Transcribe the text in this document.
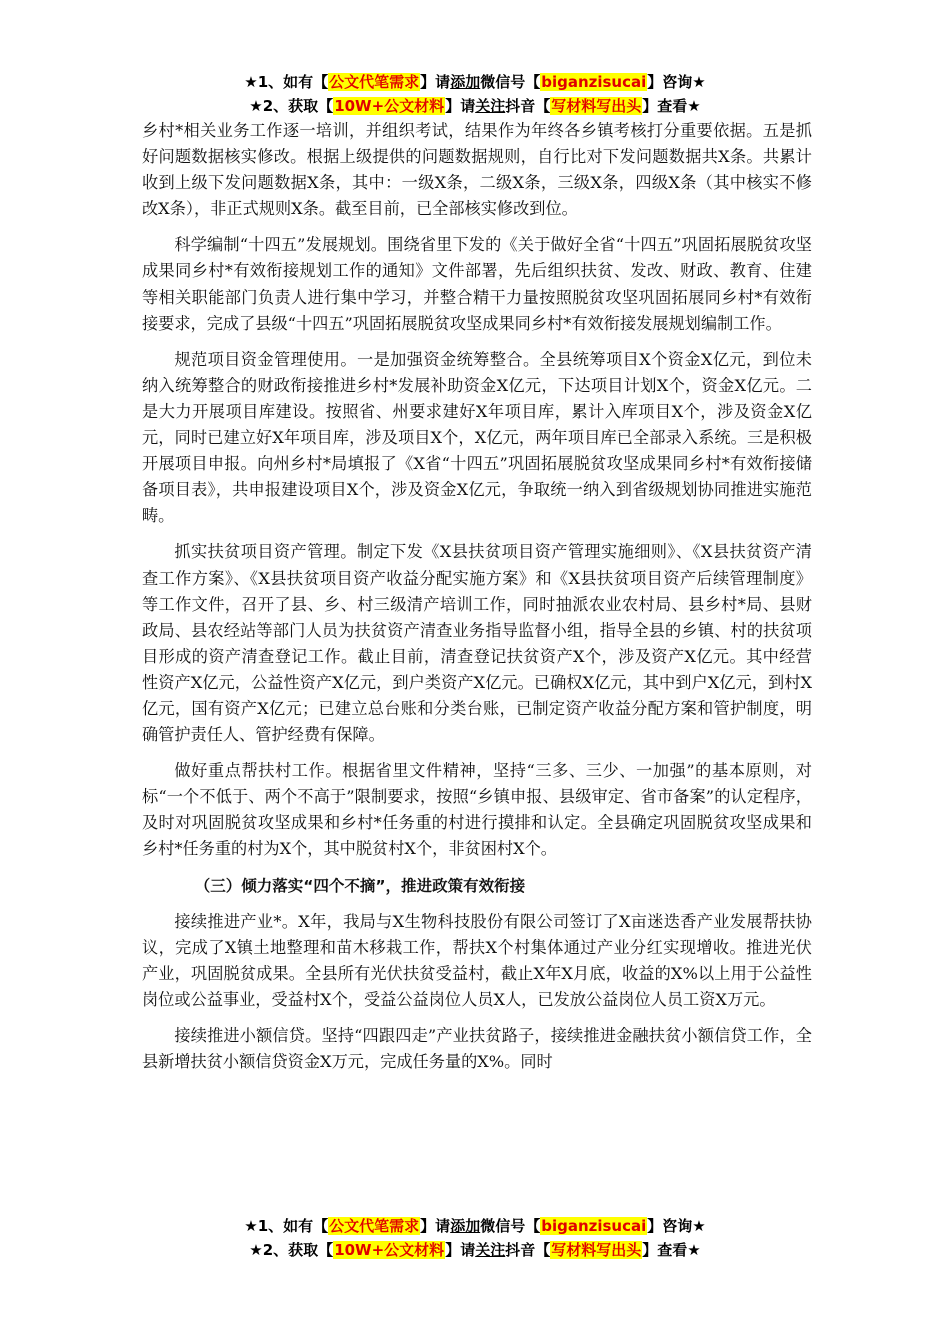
★1、如有【公文代笔需求】请添加微信号【biganzisucai】咨询★
★2、获取【10W+公文材料】请关注抖音【写材料写出头】查看★

乡村*相关业务工作逐一培训，并组织考试，结果作为年终各乡镇考核打分重要依据。五是抓好问题数据核实修改。根据上级提供的问题数据规则，自行比对下发问题数据共X条。共累计收到上级下发问题数据X条，其中：一级X条，二级X条，三级X条，四级X条（其中核实不修改X条），非正式规则X条。截至目前，已全部核实修改到位。

科学编制“十四五”发展规划。围绕省里下发的《关于做好全省“十四五”巩固拓展脱贫攻坚成果同乡村*有效衔接规划工作的通知》文件部署，先后组织扶贫、发改、财政、教育、住建等相关职能部门负责人进行集中学习，并整合精干力量按照脱贫攻坚巩固拓展同乡村*有效衔接要求，完成了县级“十四五”巩固拓展脱贫攻坚成果同乡村*有效衔接发展规划编制工作。

规范项目资金管理使用。一是加强资金统筹整合。全县统筹项目X个资金X亿元，到位未纳入统筹整合的财政衔接推进乡村*发展补助资金X亿元，下达项目计划X个，资金X亿元。二是大力开展项目库建设。按照省、州要求建好X年项目库，累计入库项目X个，涉及资金X亿元，同时已建立好X年项目库，涉及项目X个，X亿元，两年项目库已全部录入系统。三是积极开展项目申报。向州乡村*局填报了《X省“十四五”巩固拓展脱贫攻坚成果同乡村*有效衔接储备项目表》，共申报建设项目X个，涉及资金X亿元，争取统一纳入到省级规划协同推进实施范畴。

抓实扶贫项目资产管理。制定下发《X县扶贫项目资产管理实施细则》、《X县扶贫资产清查工作方案》、《X县扶贫项目资产收益分配实施方案》和《X县扶贫项目资产后续管理制度》等工作文件，召开了县、乡、村三级清产培训工作，同时抽派农业农村局、县乡村*局、县财政局、县农经站等部门人员为扶贫资产清查业务指导监督小组，指导全县的乡镇、村的扶贫项目形成的资产清查登记工作。截止目前，清查登记扶贫资产X个，涉及资产X亿元。其中经营性资产X亿元，公益性资产X亿元，到户类资产X亿元。已确权X亿元，其中到户X亿元，到村X亿元，国有资产X亿元；已建立总台账和分类台账，已制定资产收益分配方案和管护制度，明确管护责任人、管护经费有保障。

做好重点帮扶村工作。根据省里文件精神，坚持“三多、三少、一加强”的基本原则，对标“一个不低于、两个不高于”限制要求，按照“乡镇申报、县级审定、省市备案”的认定程序，及时对巩固脱贫攻坚成果和乡村*任务重的村进行摸排和认定。全县确定巩固脱贫攻坚成果和乡村*任务重的村为X个，其中脱贫村X个，非贫困村X个。

（三）倾力落实“四个不摘”，推进政策有效衔接

接续推进产业*。X年，我局与X生物科技股份有限公司签订了X亩迷迭香产业发展帮扶协议，完成了X镇土地整理和苗木移栽工作，帮扶X个村集体通过产业分红实现增收。推进光伏产业，巩固脱贫成果。全县所有光伏扶贫受益村，截止X年X月底，收益的X%以上用于公益性岗位或公益事业，受益村X个，受益公益岗位人员X人，已发放公益岗位人员工资X万元。

接续推进小额信贷。坚持“四跟四走”产业扶贫路子，接续推进金融扶贫小额信贷工作，全县新增扶贫小额信贷资金X万元，完成任务量的X%。同时

★1、如有【公文代笔需求】请添加微信号【biganzisucai】咨询★
★2、获取【10W+公文材料】请关注抖音【写材料写出头】查看★
